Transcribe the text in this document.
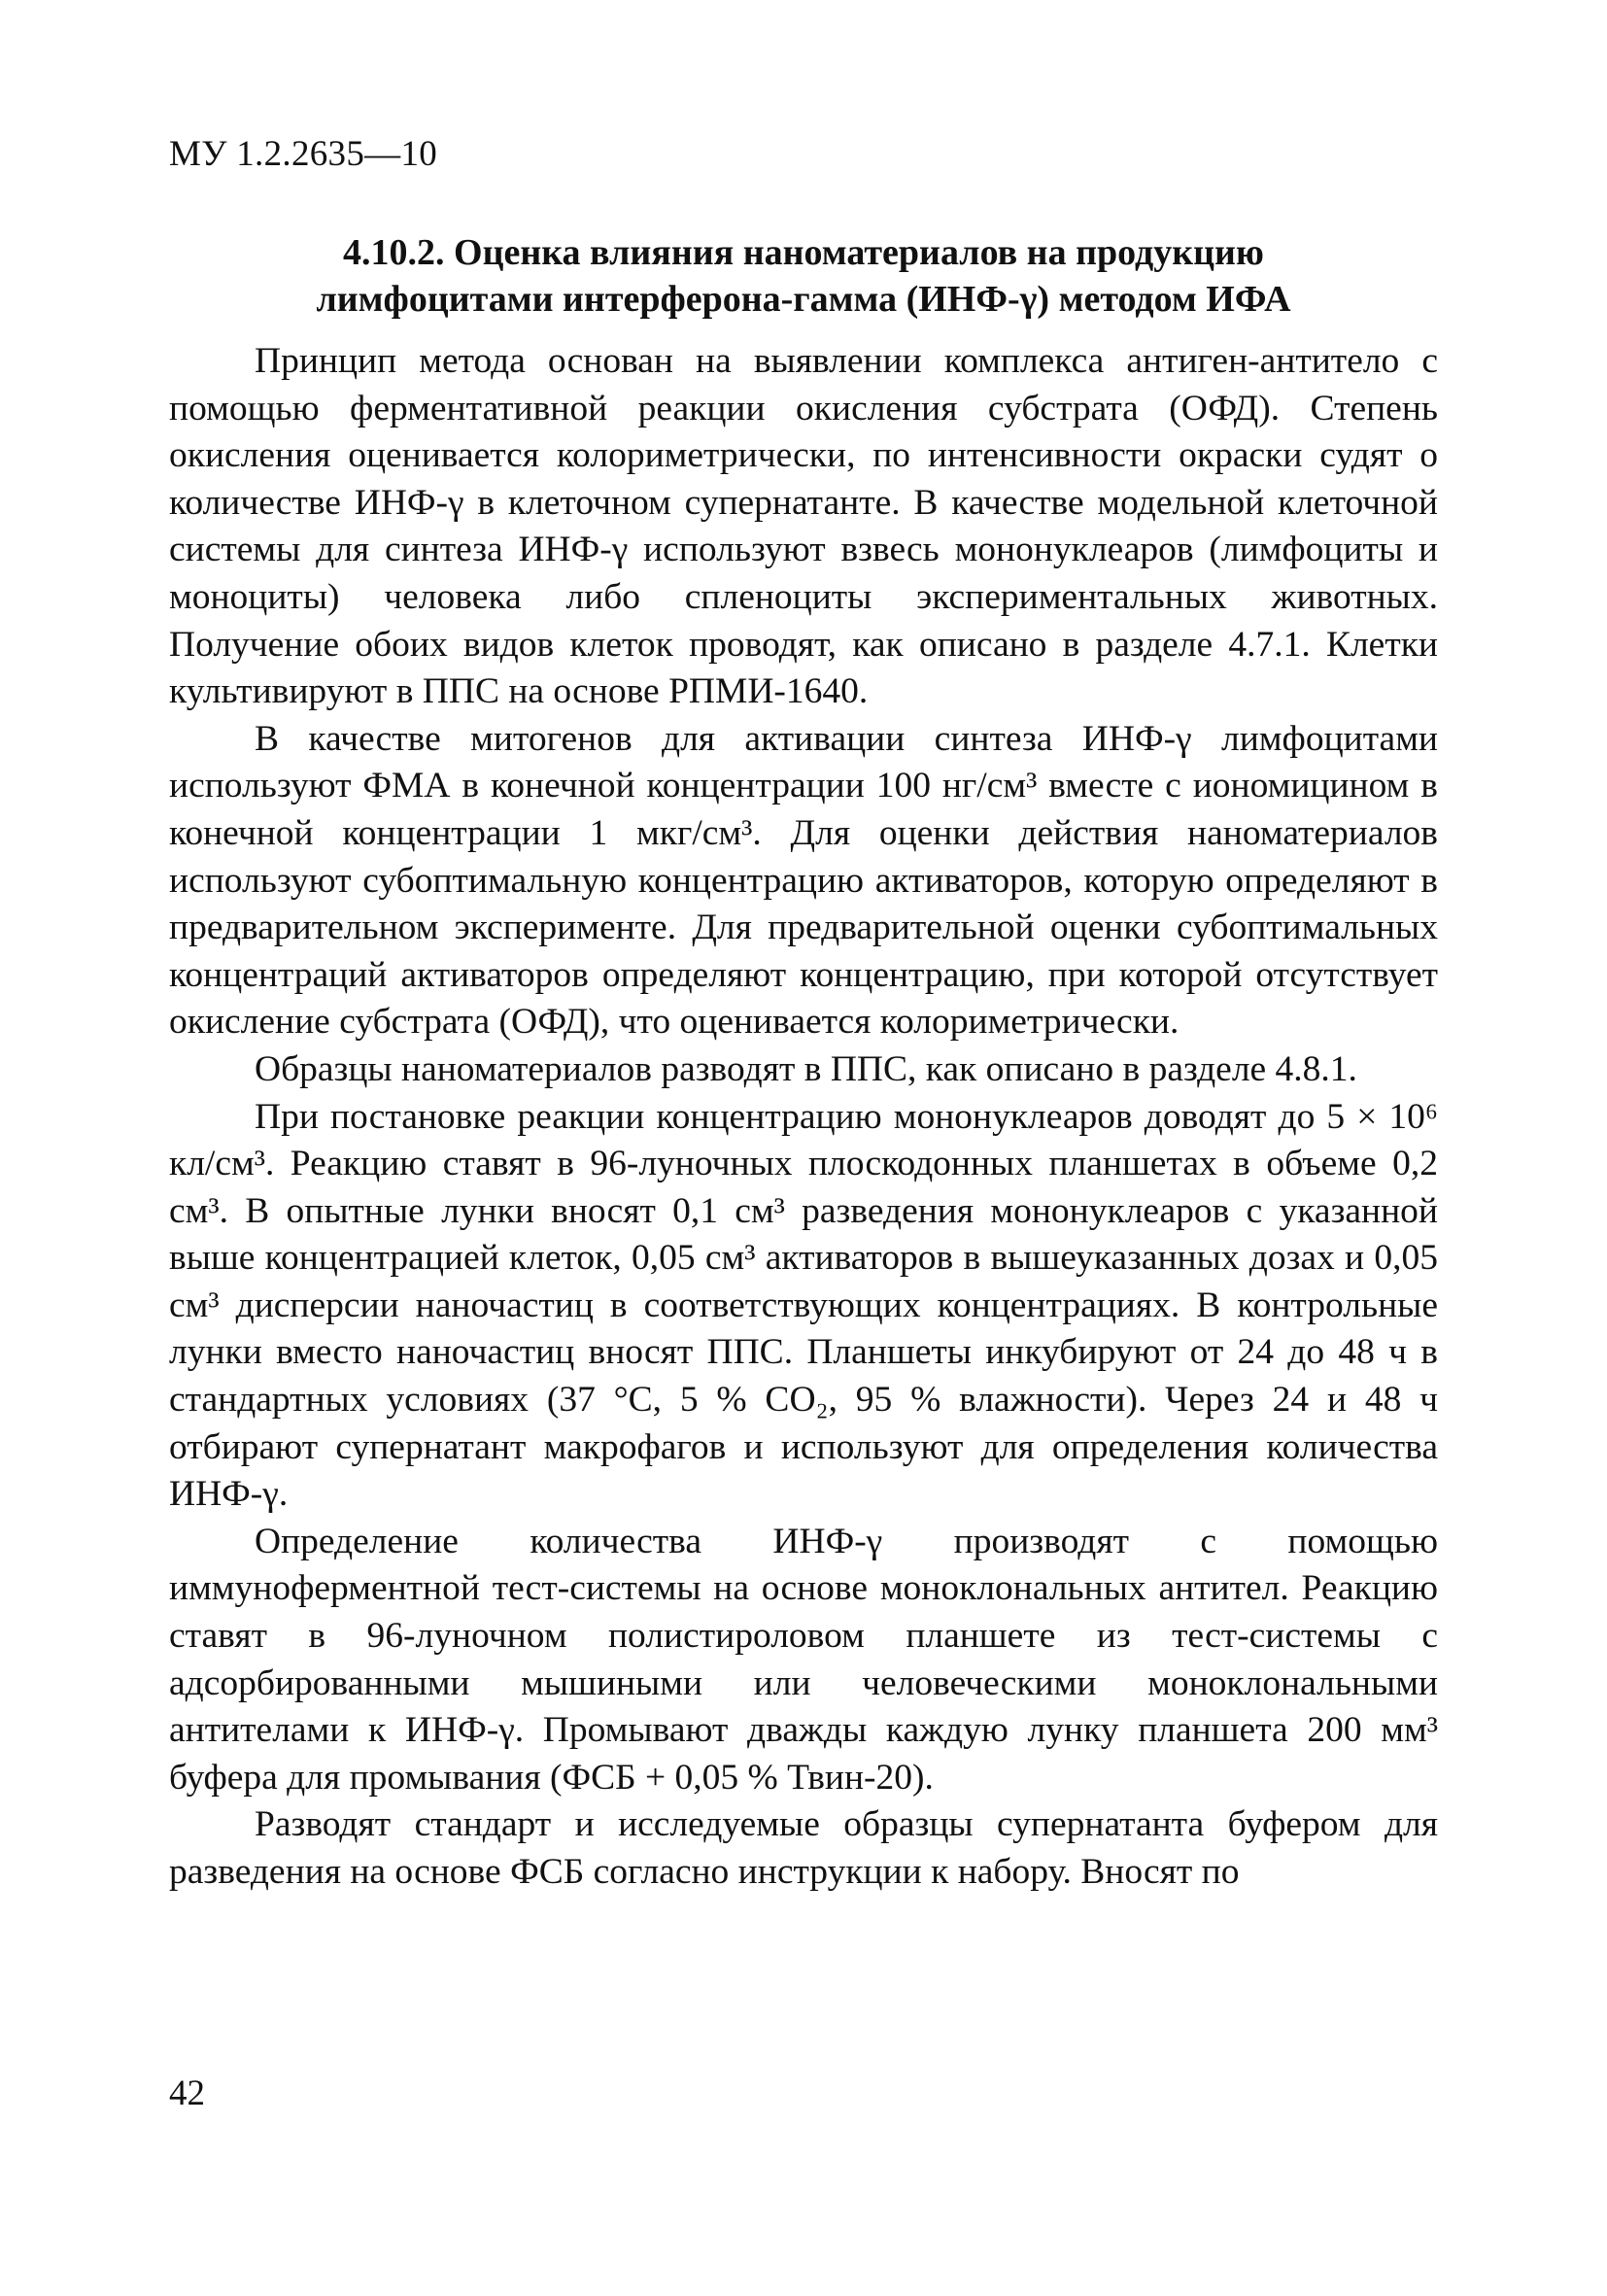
МУ 1.2.2635—10
4.10.2. Оценка влияния наноматериалов на продукцию
лимфоцитами интерферона-гамма (ИНФ-γ) методом ИФА

Принцип метода основан на выявлении комплекса антиген-антитело с помощью ферментативной реакции окисления субстрата (ОФД). Степень окисления оценивается колориметрически, по интенсивности окраски судят о количестве ИНФ-γ в клеточном супернатанте. В качестве модельной клеточной системы для синтеза ИНФ-γ используют взвесь мононуклеаров (лимфоциты и моноциты) человека либо спленоциты экспериментальных животных. Получение обоих видов клеток проводят, как описано в разделе 4.7.1. Клетки культивируют в ППС на основе РПМИ-1640.

В качестве митогенов для активации синтеза ИНФ-γ лимфоцитами используют ФМА в конечной концентрации 100 нг/см³ вместе с иономицином в конечной концентрации 1 мкг/см³. Для оценки действия наноматериалов используют субоптимальную концентрацию активаторов, которую определяют в предварительном эксперименте. Для предварительной оценки субоптимальных концентраций активаторов определяют концентрацию, при которой отсутствует окисление субстрата (ОФД), что оценивается колориметрически.

Образцы наноматериалов разводят в ППС, как описано в разделе 4.8.1.

При постановке реакции концентрацию мононуклеаров доводят до 5 × 10⁶ кл/см³. Реакцию ставят в 96-луночных плоскодонных планшетах в объеме 0,2 см³. В опытные лунки вносят 0,1 см³ разведения мононуклеаров с указанной выше концентрацией клеток, 0,05 см³ активаторов в вышеуказанных дозах и 0,05 см³ дисперсии наночастиц в соответствующих концентрациях. В контрольные лунки вместо наночастиц вносят ППС. Планшеты инкубируют от 24 до 48 ч в стандартных условиях (37 °С, 5 % СО₂, 95 % влажности). Через 24 и 48 ч отбирают супернатант макрофагов и используют для определения количества ИНФ-γ.

Определение количества ИНФ-γ производят с помощью иммуноферментной тест-системы на основе моноклональных антител. Реакцию ставят в 96-луночном полистироловом планшете из тест-системы с адсорбированными мышиными или человеческими моноклональными антителами к ИНФ-γ. Промывают дважды каждую лунку планшета 200 мм³ буфера для промывания (ФСБ + 0,05 % Твин-20).

Разводят стандарт и исследуемые образцы супернатанта буфером для разведения на основе ФСБ согласно инструкции к набору. Вносят по

42
